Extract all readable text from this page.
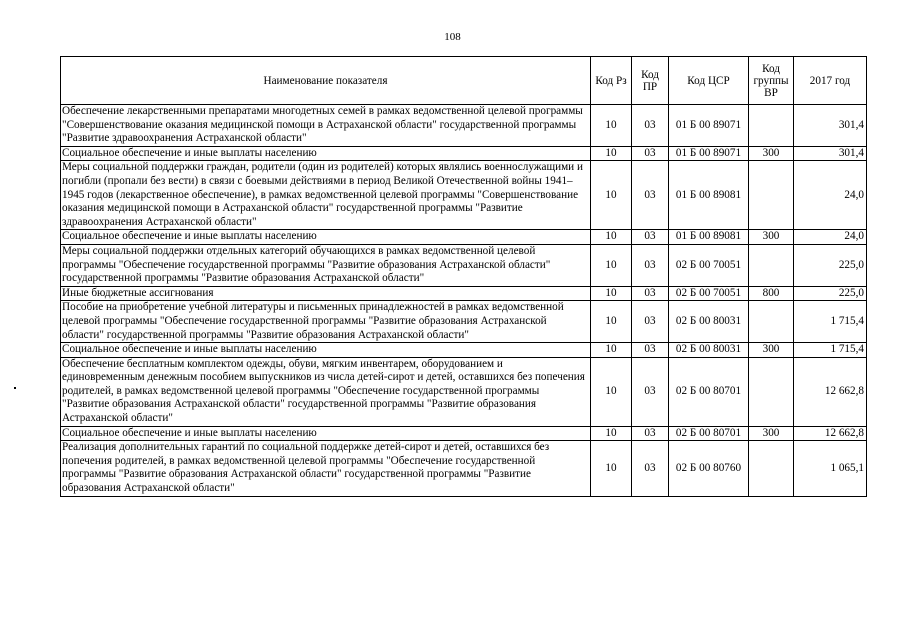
108
Наименование показателя	Код Рз	Код ПР	Код ЦСР	Код группы ВР	2017 год
Обеспечение лекарственными препаратами многодетных семей в рамках ведомственной целевой программы "Совершенствование оказания медицинской помощи в Астраханской области" государственной программы "Развитие здравоохранения Астраханской области"	10	03	01 Б 00 89071		301,4
Социальное обеспечение и иные выплаты населению	10	03	01 Б 00 89071	300	301,4
Меры социальной поддержки граждан, родители (один из родителей) которых являлись военнослужащими и погибли (пропали без вести) в связи с боевыми действиями в период Великой Отечественной войны 1941–1945 годов (лекарственное обеспечение), в рамках ведомственной целевой программы "Совершенствование оказания медицинской помощи в Астраханской области" государственной программы "Развитие здравоохранения Астраханской области"	10	03	01 Б 00 89081		24,0
Социальное обеспечение и иные выплаты населению	10	03	01 Б 00 89081	300	24,0
Меры социальной поддержки отдельных категорий обучающихся в рамках ведомственной целевой программы "Обеспечение государственной программы "Развитие образования Астраханской области" государственной программы "Развитие образования Астраханской области"	10	03	02 Б 00 70051		225,0
Иные бюджетные ассигнования	10	03	02 Б 00 70051	800	225,0
Пособие на приобретение учебной литературы и письменных принадлежностей в рамках ведомственной целевой программы "Обеспечение государственной программы "Развитие образования Астраханской области" государственной программы "Развитие образования Астраханской области"	10	03	02 Б 00 80031		1 715,4
Социальное обеспечение и иные выплаты населению	10	03	02 Б 00 80031	300	1 715,4
Обеспечение бесплатным комплектом одежды, обуви, мягким инвентарем, оборудованием и единовременным денежным пособием выпускников из числа детей-сирот и детей, оставшихся без попечения родителей, в рамках ведомственной целевой программы "Обеспечение государственной программы "Развитие образования Астраханской области" государственной программы "Развитие образования Астраханской области"	10	03	02 Б 00 80701		12 662,8
Социальное обеспечение и иные выплаты населению	10	03	02 Б 00 80701	300	12 662,8
Реализация дополнительных гарантий по социальной поддержке детей-сирот и детей, оставшихся без попечения родителей, в рамках ведомственной целевой программы "Обеспечение государственной программы "Развитие образования Астраханской области" государственной программы "Развитие образования Астраханской области"	10	03	02 Б 00 80760		1 065,1
